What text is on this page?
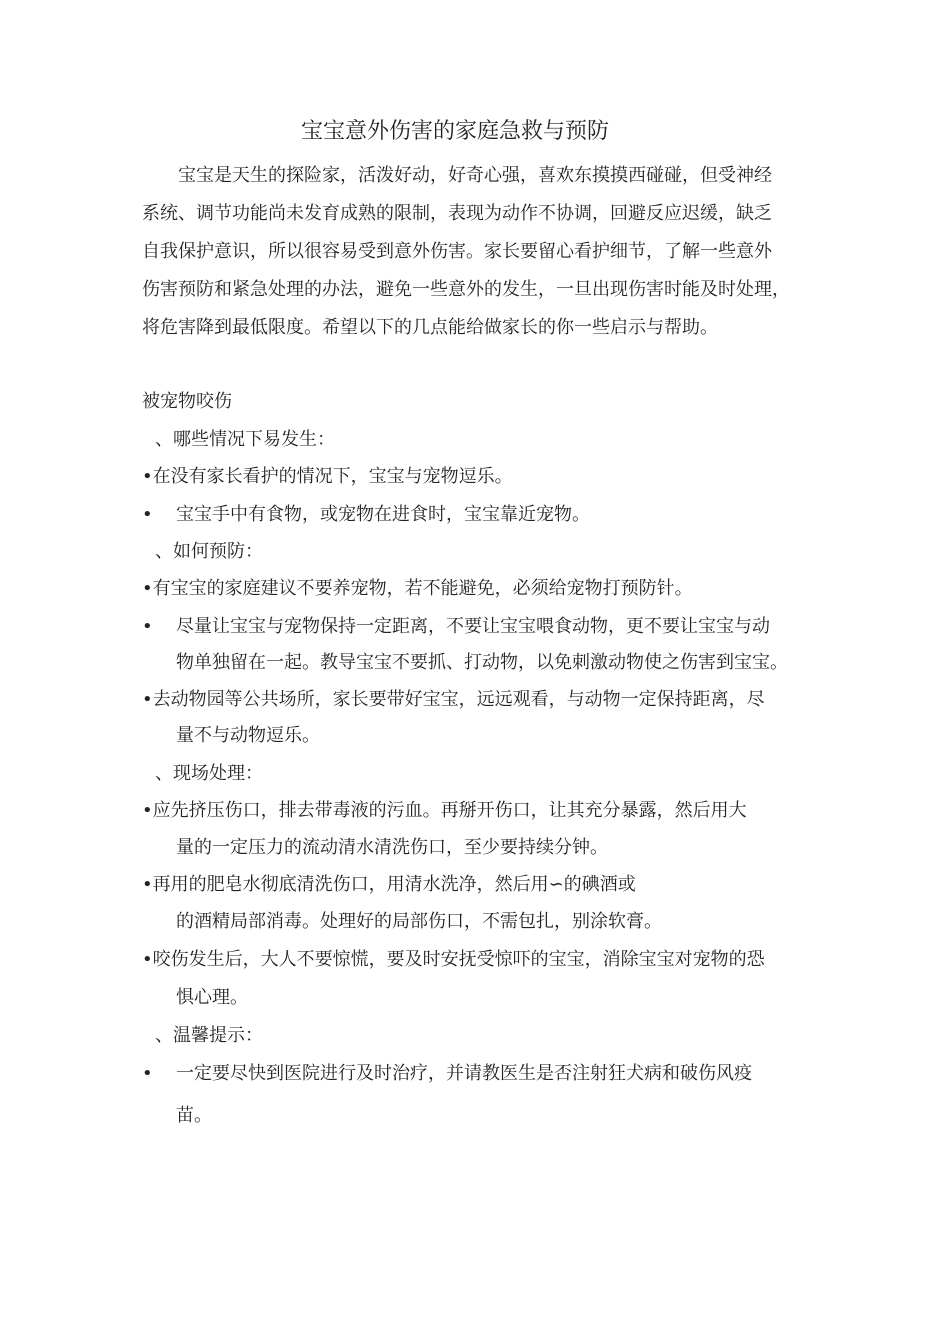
宝宝意外伤害的家庭急救与预防
宝宝是天生的探险家，活泼好动，好奇心强，喜欢东摸摸西碰碰，但受神经
系统、调节功能尚未发育成熟的限制，表现为动作不协调，回避反应迟缓，缺乏
自我保护意识，所以很容易受到意外伤害。家长要留心看护细节，了解一些意外
伤害预防和紧急处理的办法，避免一些意外的发生，一旦出现伤害时能及时处理，
将危害降到最低限度。希望以下的几点能给做家长的你一些启示与帮助。
被宠物咬伤
、哪些情况下易发生：
•在没有家长看护的情况下，宝宝与宠物逗乐。
• 宝宝手中有食物，或宠物在进食时，宝宝靠近宠物。
、如何预防：
•有宝宝的家庭建议不要养宠物，若不能避免，必须给宠物打预防针。
• 尽量让宝宝与宠物保持一定距离，不要让宝宝喂食动物，更不要让宝宝与动
物单独留在一起。教导宝宝不要抓、打动物，以免刺激动物使之伤害到宝宝。
•去动物园等公共场所，家长要带好宝宝，远远观看，与动物一定保持距离，尽
量不与动物逗乐。
、现场处理：
•应先挤压伤口，排去带毒液的污血。再掰开伤口，让其充分暴露，然后用大
量的一定压力的流动清水清洗伤口，至少要持续分钟。
•再用的肥皂水彻底清洗伤口，用清水洗净，然后用∽的碘酒或
的酒精局部消毒。处理好的局部伤口，不需包扎，别涂软膏。
•咬伤发生后，大人不要惊慌，要及时安抚受惊吓的宝宝，消除宝宝对宠物的恐
惧心理。
、温馨提示：
• 一定要尽快到医院进行及时治疗，并请教医生是否注射狂犬病和破伤风疫
苗。
